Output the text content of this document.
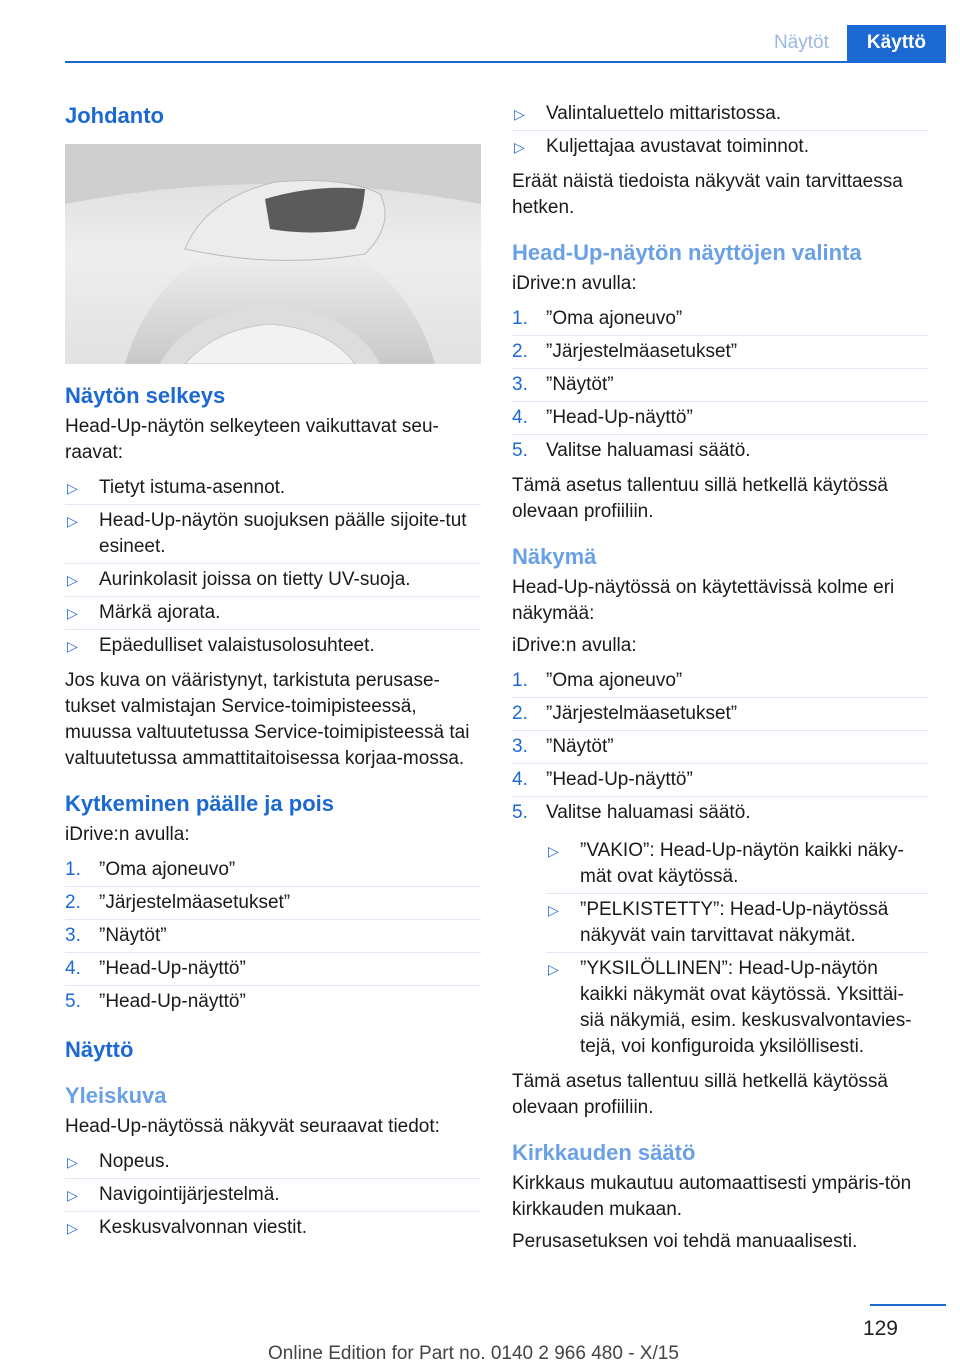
Näytöt	Käyttö
Johdanto
Näytön selkeys

Head-Up-näytön selkeyteen vaikuttavat seu-raavat:

▷ Tietyt istuma-asennot.
▷ Head-Up-näytön suojuksen päälle sijoite-tut esineet.
▷ Aurinkolasit joissa on tietty UV-suoja.
▷ Märkä ajorata.
▷ Epäedulliset valaistusolosuhteet.

Jos kuva on vääristynyt, tarkistuta perusase-tukset valmistajan Service-toimipisteessä, muussa valtuutetussa Service-toimipisteessä tai valtuutetussa ammattitaitoisessa korjaa-mossa.

Kytkeminen päälle ja pois

iDrive:n avulla:

1. ”Oma ajoneuvo”
2. ”Järjestelmäasetukset”
3. ”Näytöt”
4. ”Head-Up-näyttö”
5. ”Head-Up-näyttö”
Näyttö
Yleiskuva

Head-Up-näytössä näkyvät seuraavat tiedot:

▷ Nopeus.
▷ Navigointijärjestelmä.
▷ Keskusvalvonnan viestit.
▷ Valintaluettelo mittaristossa.
▷ Kuljettajaa avustavat toiminnot.

Eräät näistä tiedoista näkyvät vain tarvittaessa hetken.

Head-Up-näytön näyttöjen valinta

iDrive:n avulla:

1. ”Oma ajoneuvo”
2. ”Järjestelmäasetukset”
3. ”Näytöt”
4. ”Head-Up-näyttö”
5. Valitse haluamasi säätö.

Tämä asetus tallentuu sillä hetkellä käytössä olevaan profiiliin.

Näkymä

Head-Up-näytössä on käytettävissä kolme eri näkymää:

iDrive:n avulla:

1. ”Oma ajoneuvo”
2. ”Järjestelmäasetukset”
3. ”Näytöt”
4. ”Head-Up-näyttö”
5. Valitse haluamasi säätö.
▷ ”VAKIO”: Head-Up-näytön kaikki näky-mät ovat käytössä.
▷ ”PELKISTETTY”: Head-Up-näytössä näkyvät vain tarvittavat näkymät.
▷ ”YKSILÖLLINEN”: Head-Up-näytön kaikki näkymät ovat käytössä. Yksittäi-siä näkymiä, esim. keskusvalvontavies-tejä, voi konfiguroida yksilöllisesti.

Tämä asetus tallentuu sillä hetkellä käytössä olevaan profiiliin.

Kirkkauden säätö

Kirkkaus mukautuu automaattisesti ympäris-tön kirkkauden mukaan.

Perusasetuksen voi tehdä manuaalisesti.

129
Online Edition for Part no. 0140 2 966 480 - X/15
